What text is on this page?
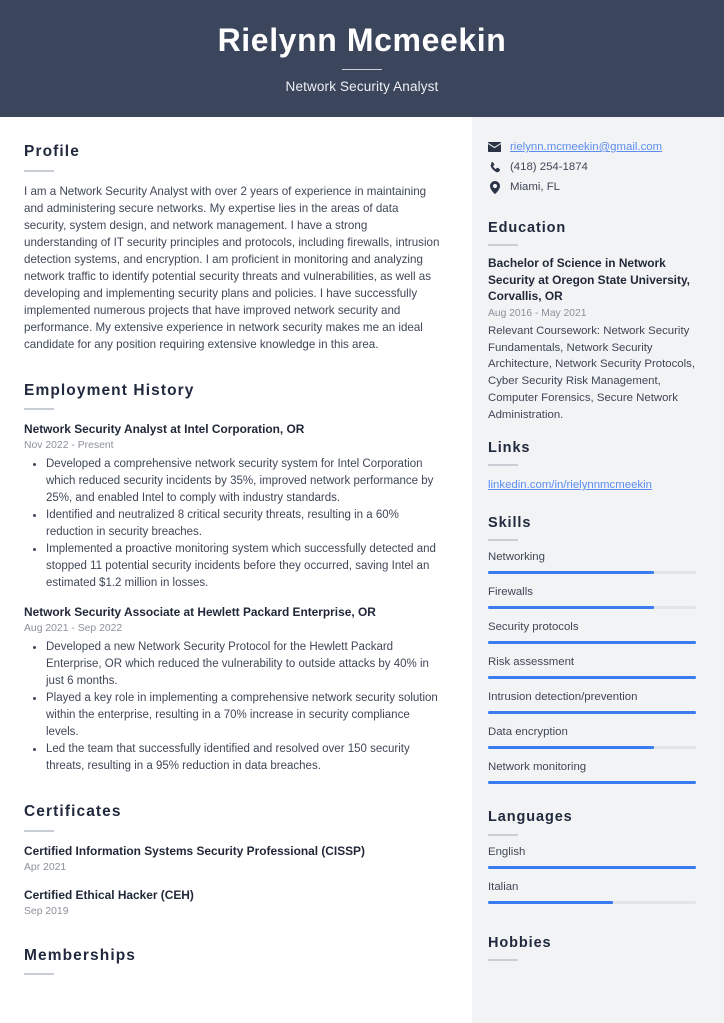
Rielynn Mcmeekin
Network Security Analyst
Profile
I am a Network Security Analyst with over 2 years of experience in maintaining and administering secure networks. My expertise lies in the areas of data security, system design, and network management. I have a strong understanding of IT security principles and protocols, including firewalls, intrusion detection systems, and encryption. I am proficient in monitoring and analyzing network traffic to identify potential security threats and vulnerabilities, as well as developing and implementing security plans and policies. I have successfully implemented numerous projects that have improved network security and performance. My extensive experience in network security makes me an ideal candidate for any position requiring extensive knowledge in this area.
Employment History
Network Security Analyst at Intel Corporation, OR
Nov 2022 - Present
Developed a comprehensive network security system for Intel Corporation which reduced security incidents by 35%, improved network performance by 25%, and enabled Intel to comply with industry standards.
Identified and neutralized 8 critical security threats, resulting in a 60% reduction in security breaches.
Implemented a proactive monitoring system which successfully detected and stopped 11 potential security incidents before they occurred, saving Intel an estimated $1.2 million in losses.
Network Security Associate at Hewlett Packard Enterprise, OR
Aug 2021 - Sep 2022
Developed a new Network Security Protocol for the Hewlett Packard Enterprise, OR which reduced the vulnerability to outside attacks by 40% in just 6 months.
Played a key role in implementing a comprehensive network security solution within the enterprise, resulting in a 70% increase in security compliance levels.
Led the team that successfully identified and resolved over 150 security threats, resulting in a 95% reduction in data breaches.
Certificates
Certified Information Systems Security Professional (CISSP)
Apr 2021
Certified Ethical Hacker (CEH)
Sep 2019
Memberships
rielynn.mcmeekin@gmail.com
(418) 254-1874
Miami, FL
Education
Bachelor of Science in Network Security at Oregon State University, Corvallis, OR
Aug 2016 - May 2021
Relevant Coursework: Network Security Fundamentals, Network Security Architecture, Network Security Protocols, Cyber Security Risk Management, Computer Forensics, Secure Network Administration.
Links
linkedin.com/in/rielynnmcmeekin
Skills
Networking
Firewalls
Security protocols
Risk assessment
Intrusion detection/prevention
Data encryption
Network monitoring
Languages
English
Italian
Hobbies
